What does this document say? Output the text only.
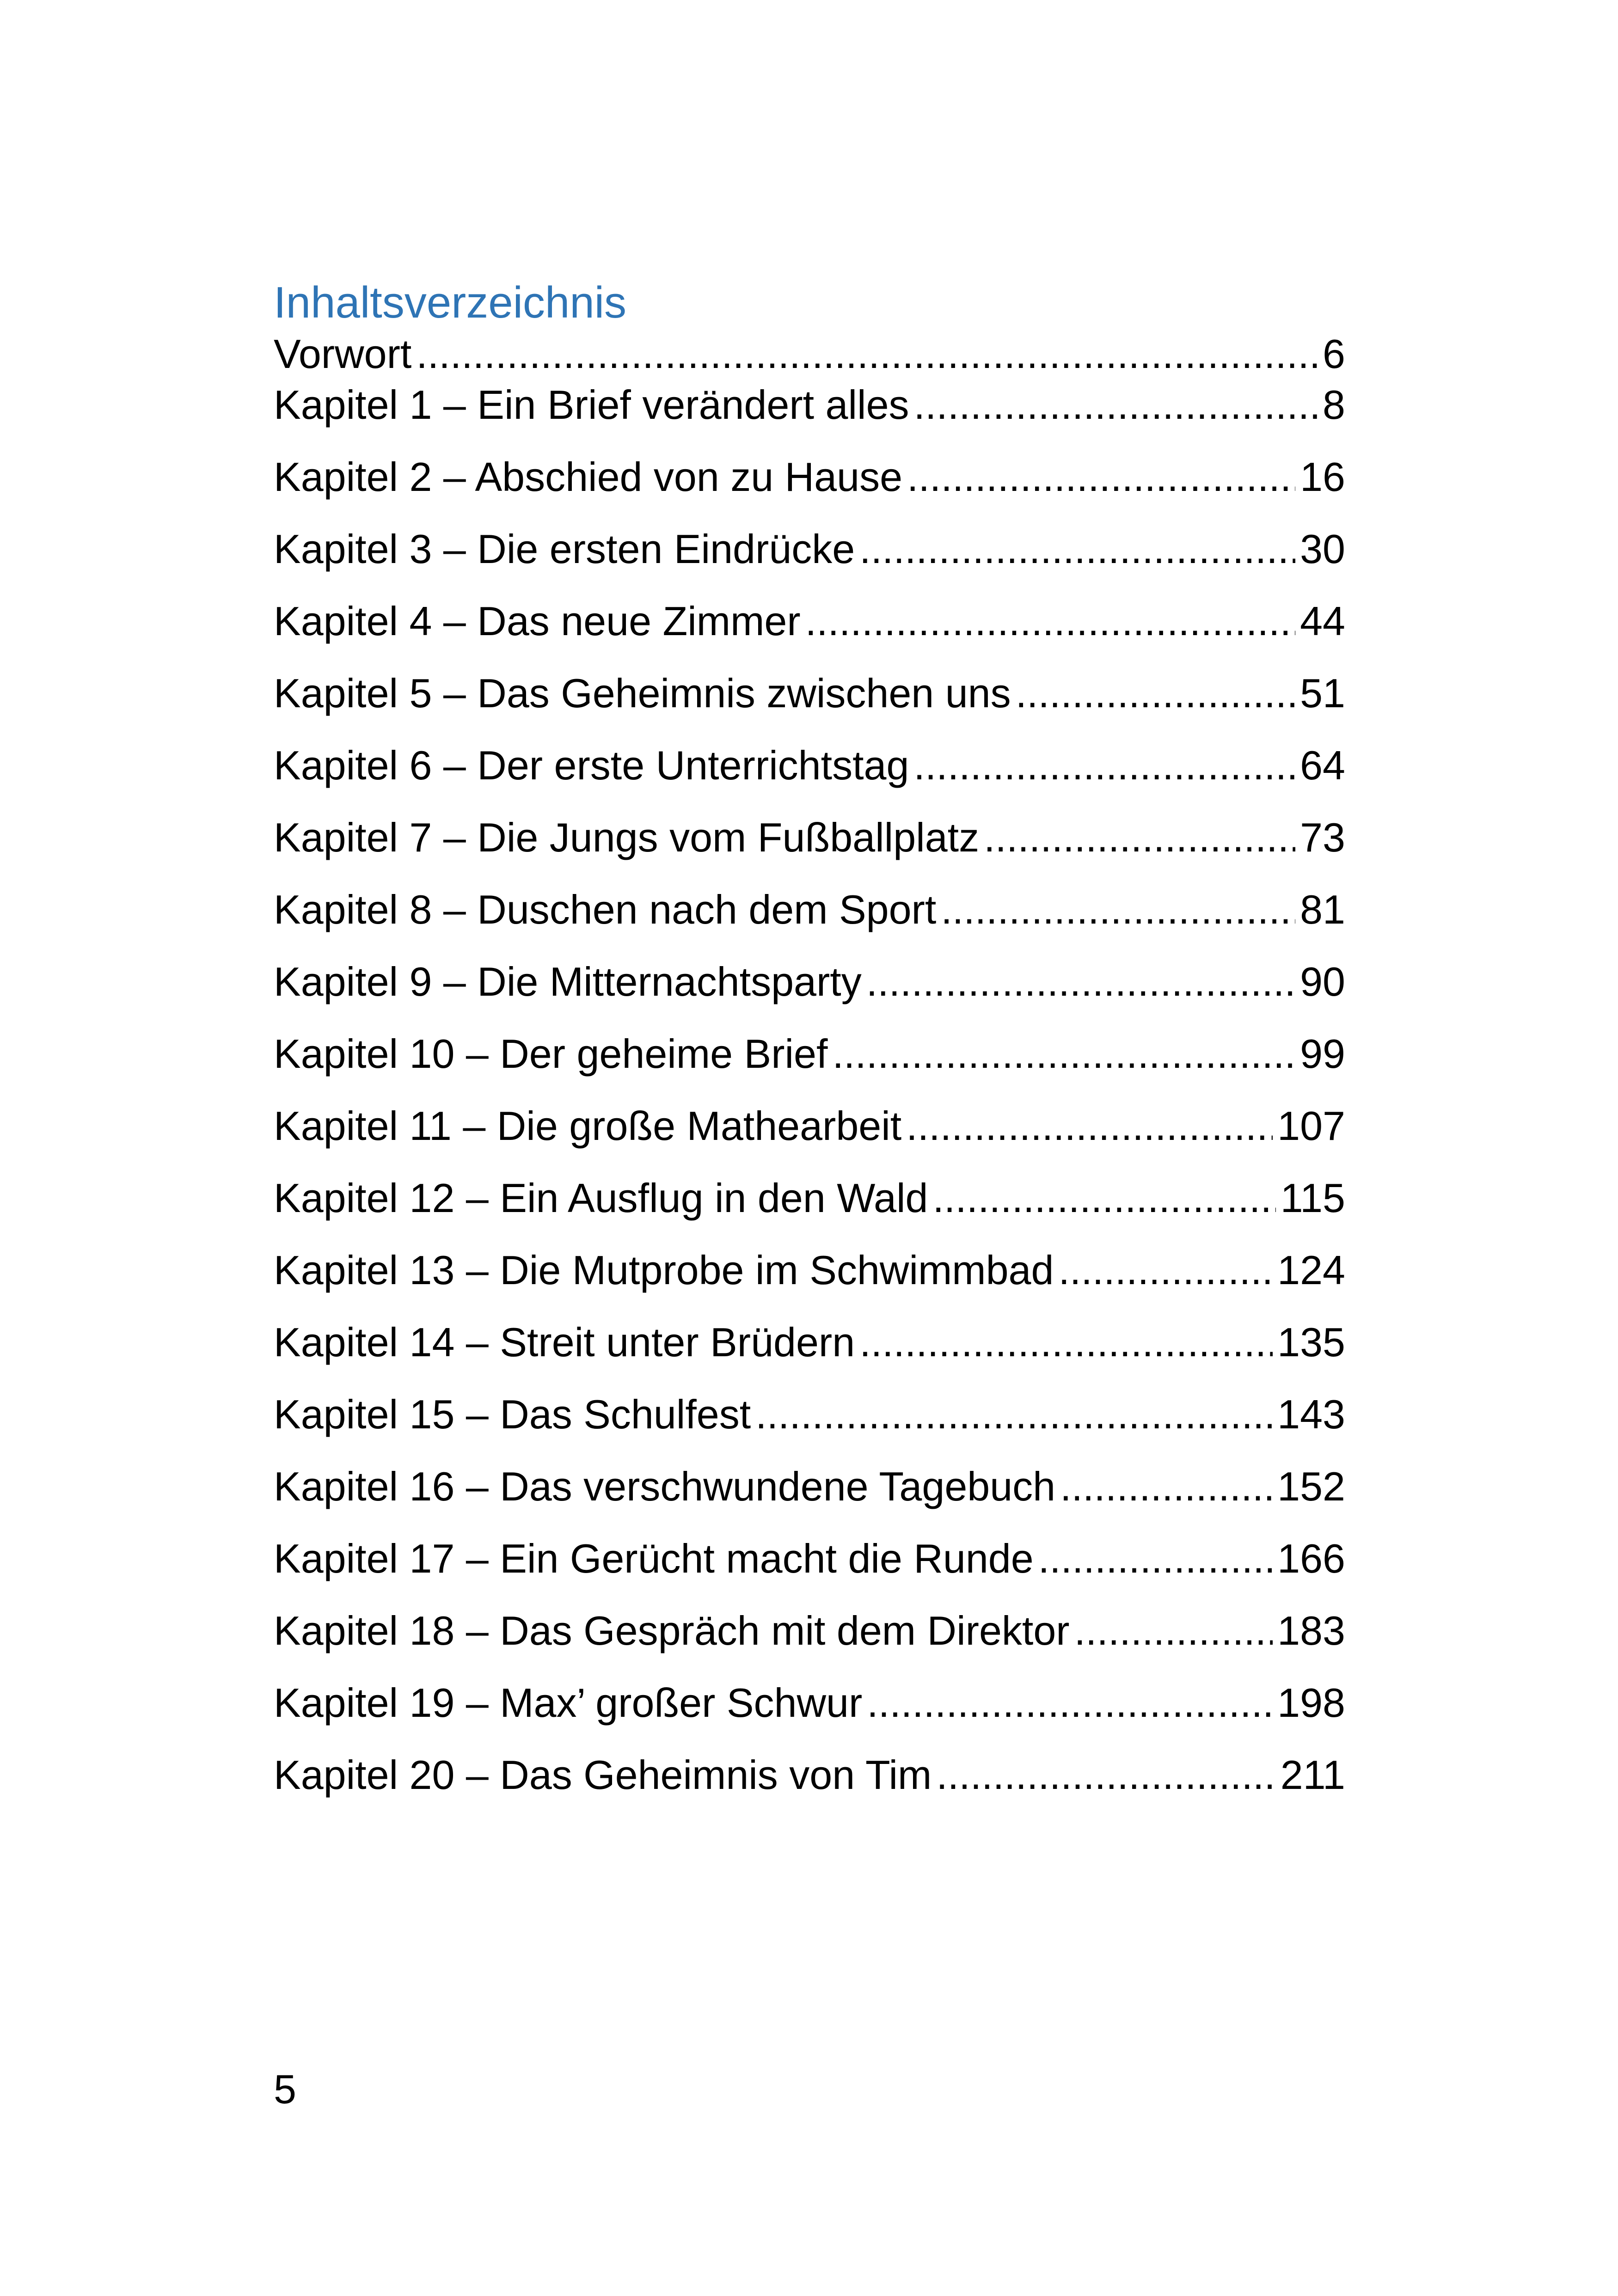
Inhaltsverzeichnis
Vorwort .....	6
Kapitel 1 – Ein Brief verändert alles .....	8
Kapitel 2 – Abschied von zu Hause .....	16
Kapitel 3 – Die ersten Eindrücke .....	30
Kapitel 4 – Das neue Zimmer .....	44
Kapitel 5 – Das Geheimnis zwischen uns .....	51
Kapitel 6 – Der erste Unterrichtstag .....	64
Kapitel 7 – Die Jungs vom Fußballplatz .....	73
Kapitel 8 – Duschen nach dem Sport .....	81
Kapitel 9 – Die Mitternachtsparty .....	90
Kapitel 10 – Der geheime Brief .....	99
Kapitel 11 – Die große Mathearbeit .....	107
Kapitel 12 – Ein Ausflug in den Wald .....	115
Kapitel 13 – Die Mutprobe im Schwimmbad .....	124
Kapitel 14 – Streit unter Brüdern .....	135
Kapitel 15 – Das Schulfest .....	143
Kapitel 16 – Das verschwundene Tagebuch .....	152
Kapitel 17 – Ein Gerücht macht die Runde .....	166
Kapitel 18 – Das Gespräch mit dem Direktor .....	183
Kapitel 19 – Max’ großer Schwur .....	198
Kapitel 20 – Das Geheimnis von Tim .....	211
5
